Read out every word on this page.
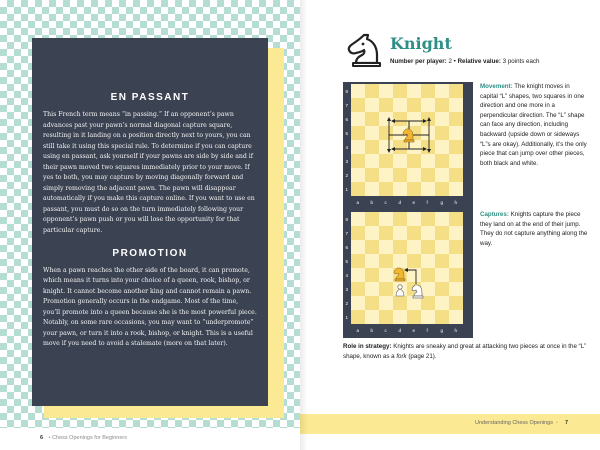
EN PASSANT

This French term means “in passing.” If an opponent’s pawn advances past your pawn’s normal diagonal capture square, resulting in it landing on a position directly next to yours, you can still take it using this special rule. To determine if you can capture using en passant, ask yourself if your pawns are side by side and if their pawn moved two squares immediately prior to your move. If yes to both, you may capture by moving diagonally forward and simply removing the adjacent pawn. The pawn will disappear automatically if you make this capture online. If you want to use en passant, you must do so on the turn immediately following your opponent’s pawn push or you will lose the opportunity for that particular capture.

PROMOTION

When a pawn reaches the other side of the board, it can promote, which means it turns into your choice of a queen, rook, bishop, or knight. It cannot become another king and cannot remain a pawn. Promotion generally occurs in the endgame. Most of the time, you’ll promote into a queen because she is the most powerful piece. Notably, on some rare occasions, you may want to “underpromote” your pawn, or turn it into a rook, bishop, or knight. This is a useful move if you need to avoid a stalemate (more on that later).

6 • Chess Openings for Beginners
Knight
Number per player: 2 • Relative value: 3 points each
8
7
6
5
4
3
2
1
a	b	c	d	e	f	g	h
Movement: The knight moves in capital “L” shapes, two squares in one direction and one more in a perpendicular direction. The “L” shape can face any direction, including backward (upside down or sideways “L”s are okay). Additionally, it’s the only piece that can jump over other pieces, both black and white.
8
7
6
5
4
3
2
1
a	b	c	d	e	f	g	h
Captures: Knights capture the piece they land on at the end of their jump. They do not capture anything along the way.
Role in strategy: Knights are sneaky and great at attacking two pieces at once in the “L” shape, known as a fork (page 21).
Understanding Chess Openings • 7
